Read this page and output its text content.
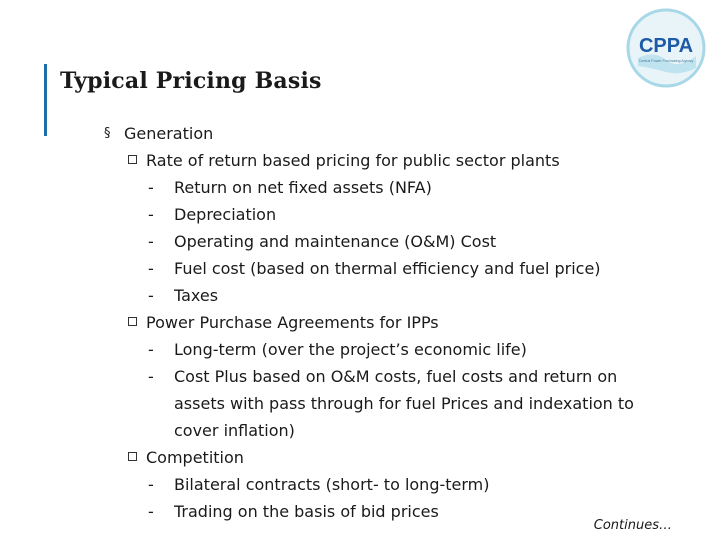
Typical Pricing Basis
CPPA
Central Power Purchasing Agency
§ Generation
Rate of return based pricing for public sector plants
- Return on net fixed assets (NFA)
- Depreciation
- Operating and maintenance (O&M) Cost
- Fuel cost (based on thermal efficiency and fuel price)
- Taxes
Power Purchase Agreements for IPPs
- Long-term (over the project’s economic life)
- Cost Plus based on O&M costs, fuel costs and return on
assets with pass through for fuel Prices and indexation to
cover inflation)
Competition
- Bilateral contracts (short- to long-term)
- Trading on the basis of bid prices
Continues…
